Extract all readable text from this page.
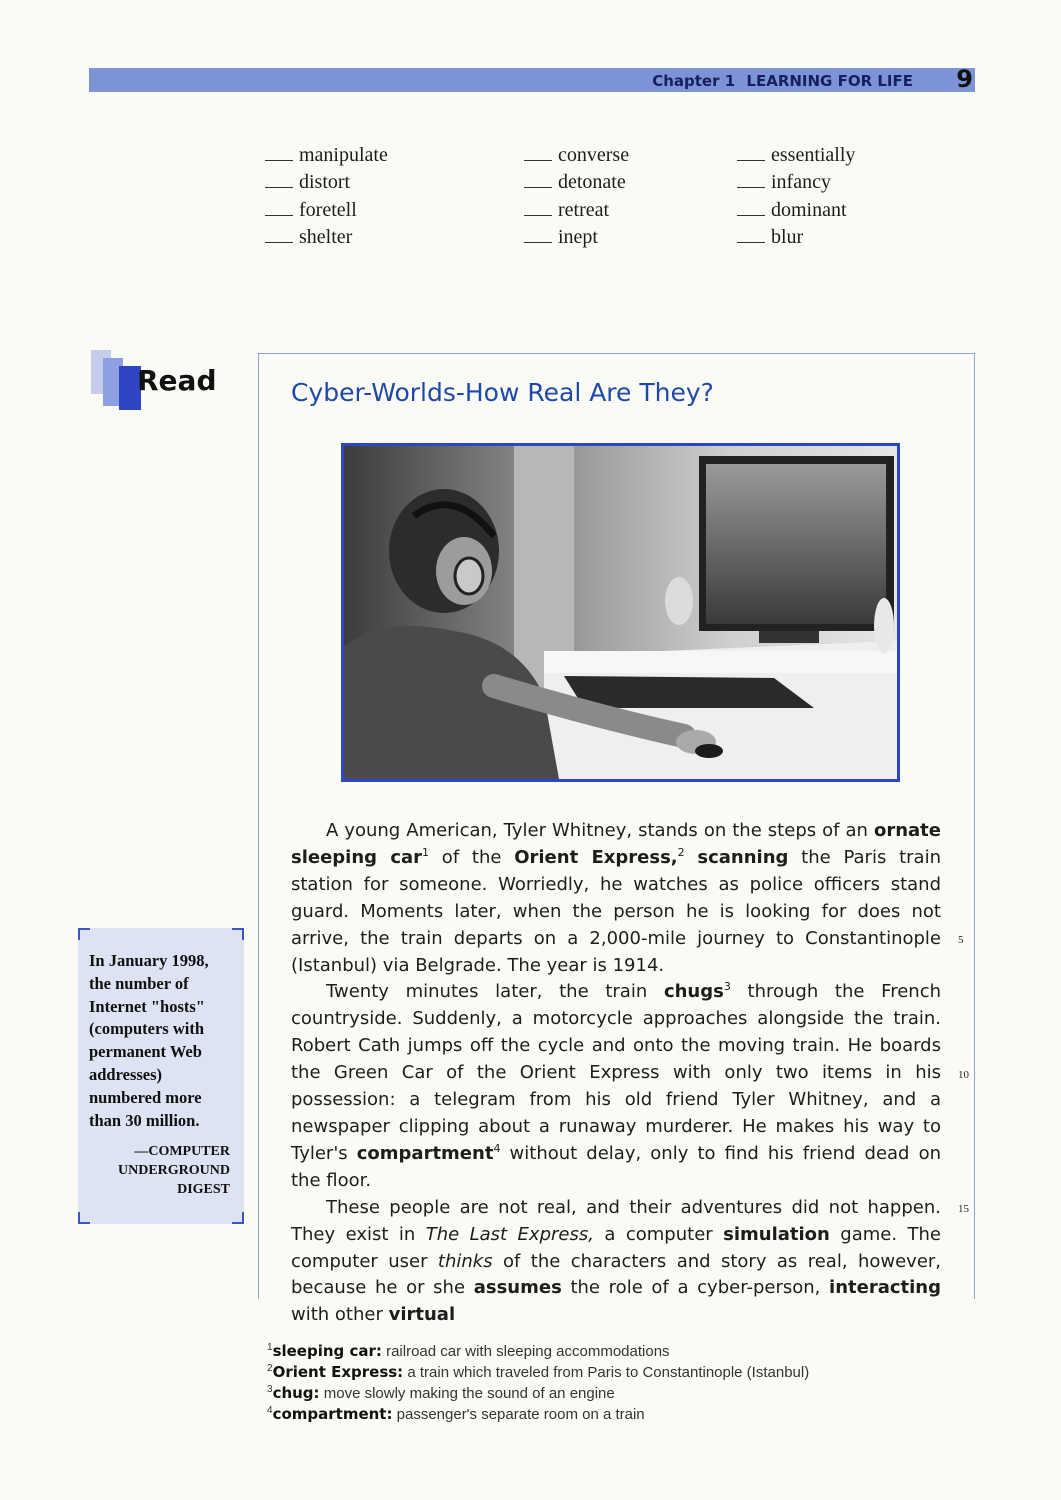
Chapter 1 LEARNING FOR LIFE 9
manipulate
distort
foretell
shelter
converse
detonate
retreat
inept
essentially
infancy
dominant
blur
Read	Cyber-Worlds-How Real Are They?

A young American, Tyler Whitney, stands on the steps of an ornate sleeping car$^1$ of the Orient Express,$^2$ scanning the Paris train station for someone. Worriedly, he watches as police officers stand guard. Moments later, when the person he is looking for does not arrive, the train departs on a 2,000-mile journey to Constantinople (Istanbul) via Belgrade. The year is 1914.

Twenty minutes later, the train chugs$^3$ through the French countryside. Suddenly, a motorcycle approaches alongside the train. Robert Cath jumps off the cycle and onto the moving train. He boards the Green Car of the Orient Express with only two items in his possession: a telegram from his old friend Tyler Whitney, and a newspaper clipping about a runaway murderer. He makes his way to Tyler's compartment$^4$ without delay, only to find his friend dead on the floor.

These people are not real, and their adventures did not happen. They exist in The Last Express, a computer simulation game. The computer user thinks of the characters and story as real, however, because he or she assumes the role of a cyber-person, interacting with other virtual

5
10
15
In January 1998, the number of Internet "hosts" (computers with permanent Web addresses) numbered more than 30 million.
—COMPUTER
UNDERGROUND
DIGEST
$^1$sleeping car: railroad car with sleeping accommodations
$^2$Orient Express: a train which traveled from Paris to Constantinople (Istanbul)
$^3$chug: move slowly making the sound of an engine
$^4$compartment: passenger's separate room on a train
